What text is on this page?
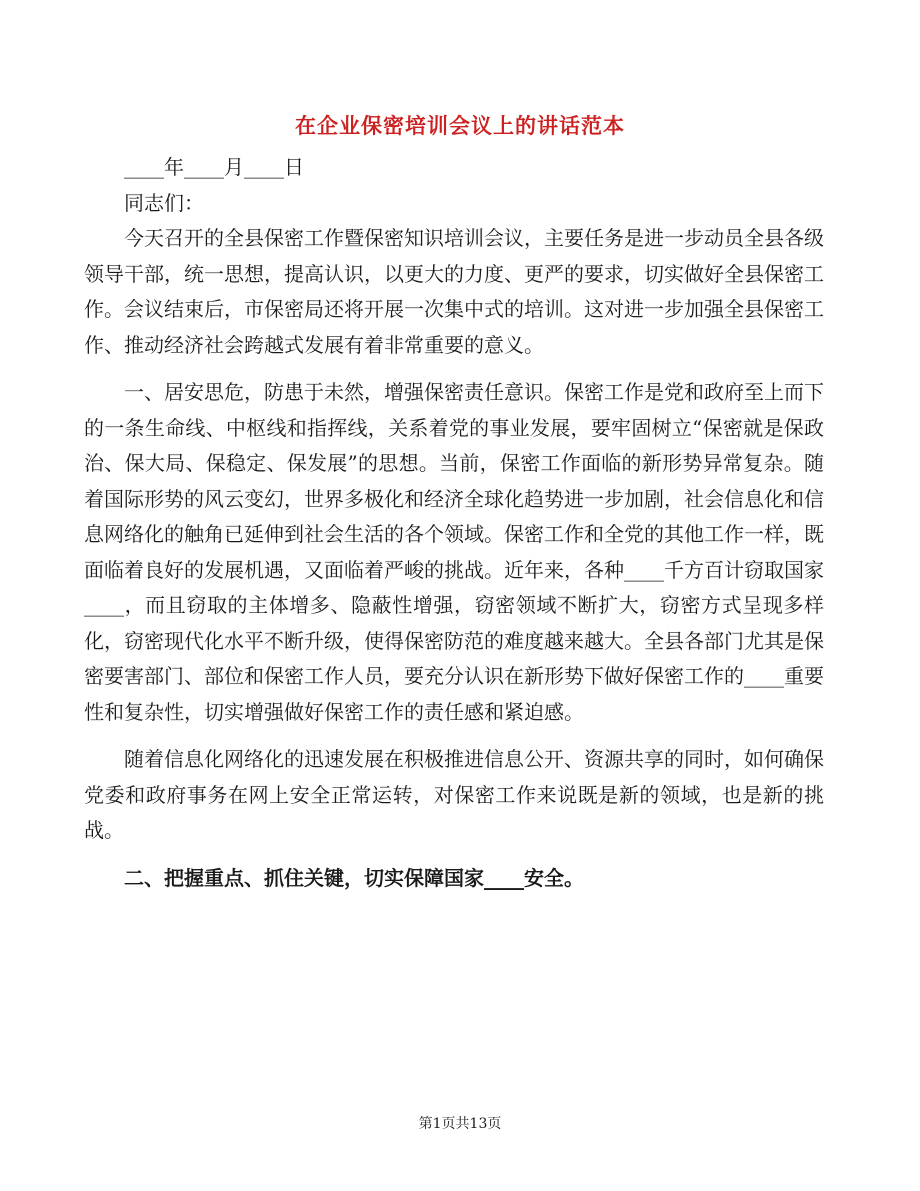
在企业保密培训会议上的讲话范本

____年____月____日

同志们：

今天召开的全县保密工作暨保密知识培训会议，主要任务是进一步动员全县各级领导干部，统一思想，提高认识，以更大的力度、更严的要求，切实做好全县保密工作。会议结束后，市保密局还将开展一次集中式的培训。这对进一步加强全县保密工作、推动经济社会跨越式发展有着非常重要的意义。

一、居安思危，防患于未然，增强保密责任意识。保密工作是党和政府至上而下的一条生命线、中枢线和指挥线，关系着党的事业发展，要牢固树立“保密就是保政治、保大局、保稳定、保发展”的思想。当前，保密工作面临的新形势异常复杂。随着国际形势的风云变幻，世界多极化和经济全球化趋势进一步加剧，社会信息化和信息网络化的触角已延伸到社会生活的各个领域。保密工作和全党的其他工作一样，既面临着良好的发展机遇，又面临着严峻的挑战。近年来，各种____千方百计窃取国家____，而且窃取的主体增多、隐蔽性增强，窃密领域不断扩大，窃密方式呈现多样化，窃密现代化水平不断升级，使得保密防范的难度越来越大。全县各部门尤其是保密要害部门、部位和保密工作人员，要充分认识在新形势下做好保密工作的____重要性和复杂性，切实增强做好保密工作的责任感和紧迫感。

随着信息化网络化的迅速发展在积极推进信息公开、资源共享的同时，如何确保党委和政府事务在网上安全正常运转，对保密工作来说既是新的领域，也是新的挑战。

二、把握重点、抓住关键，切实保障国家____安全。

第1页共13页
